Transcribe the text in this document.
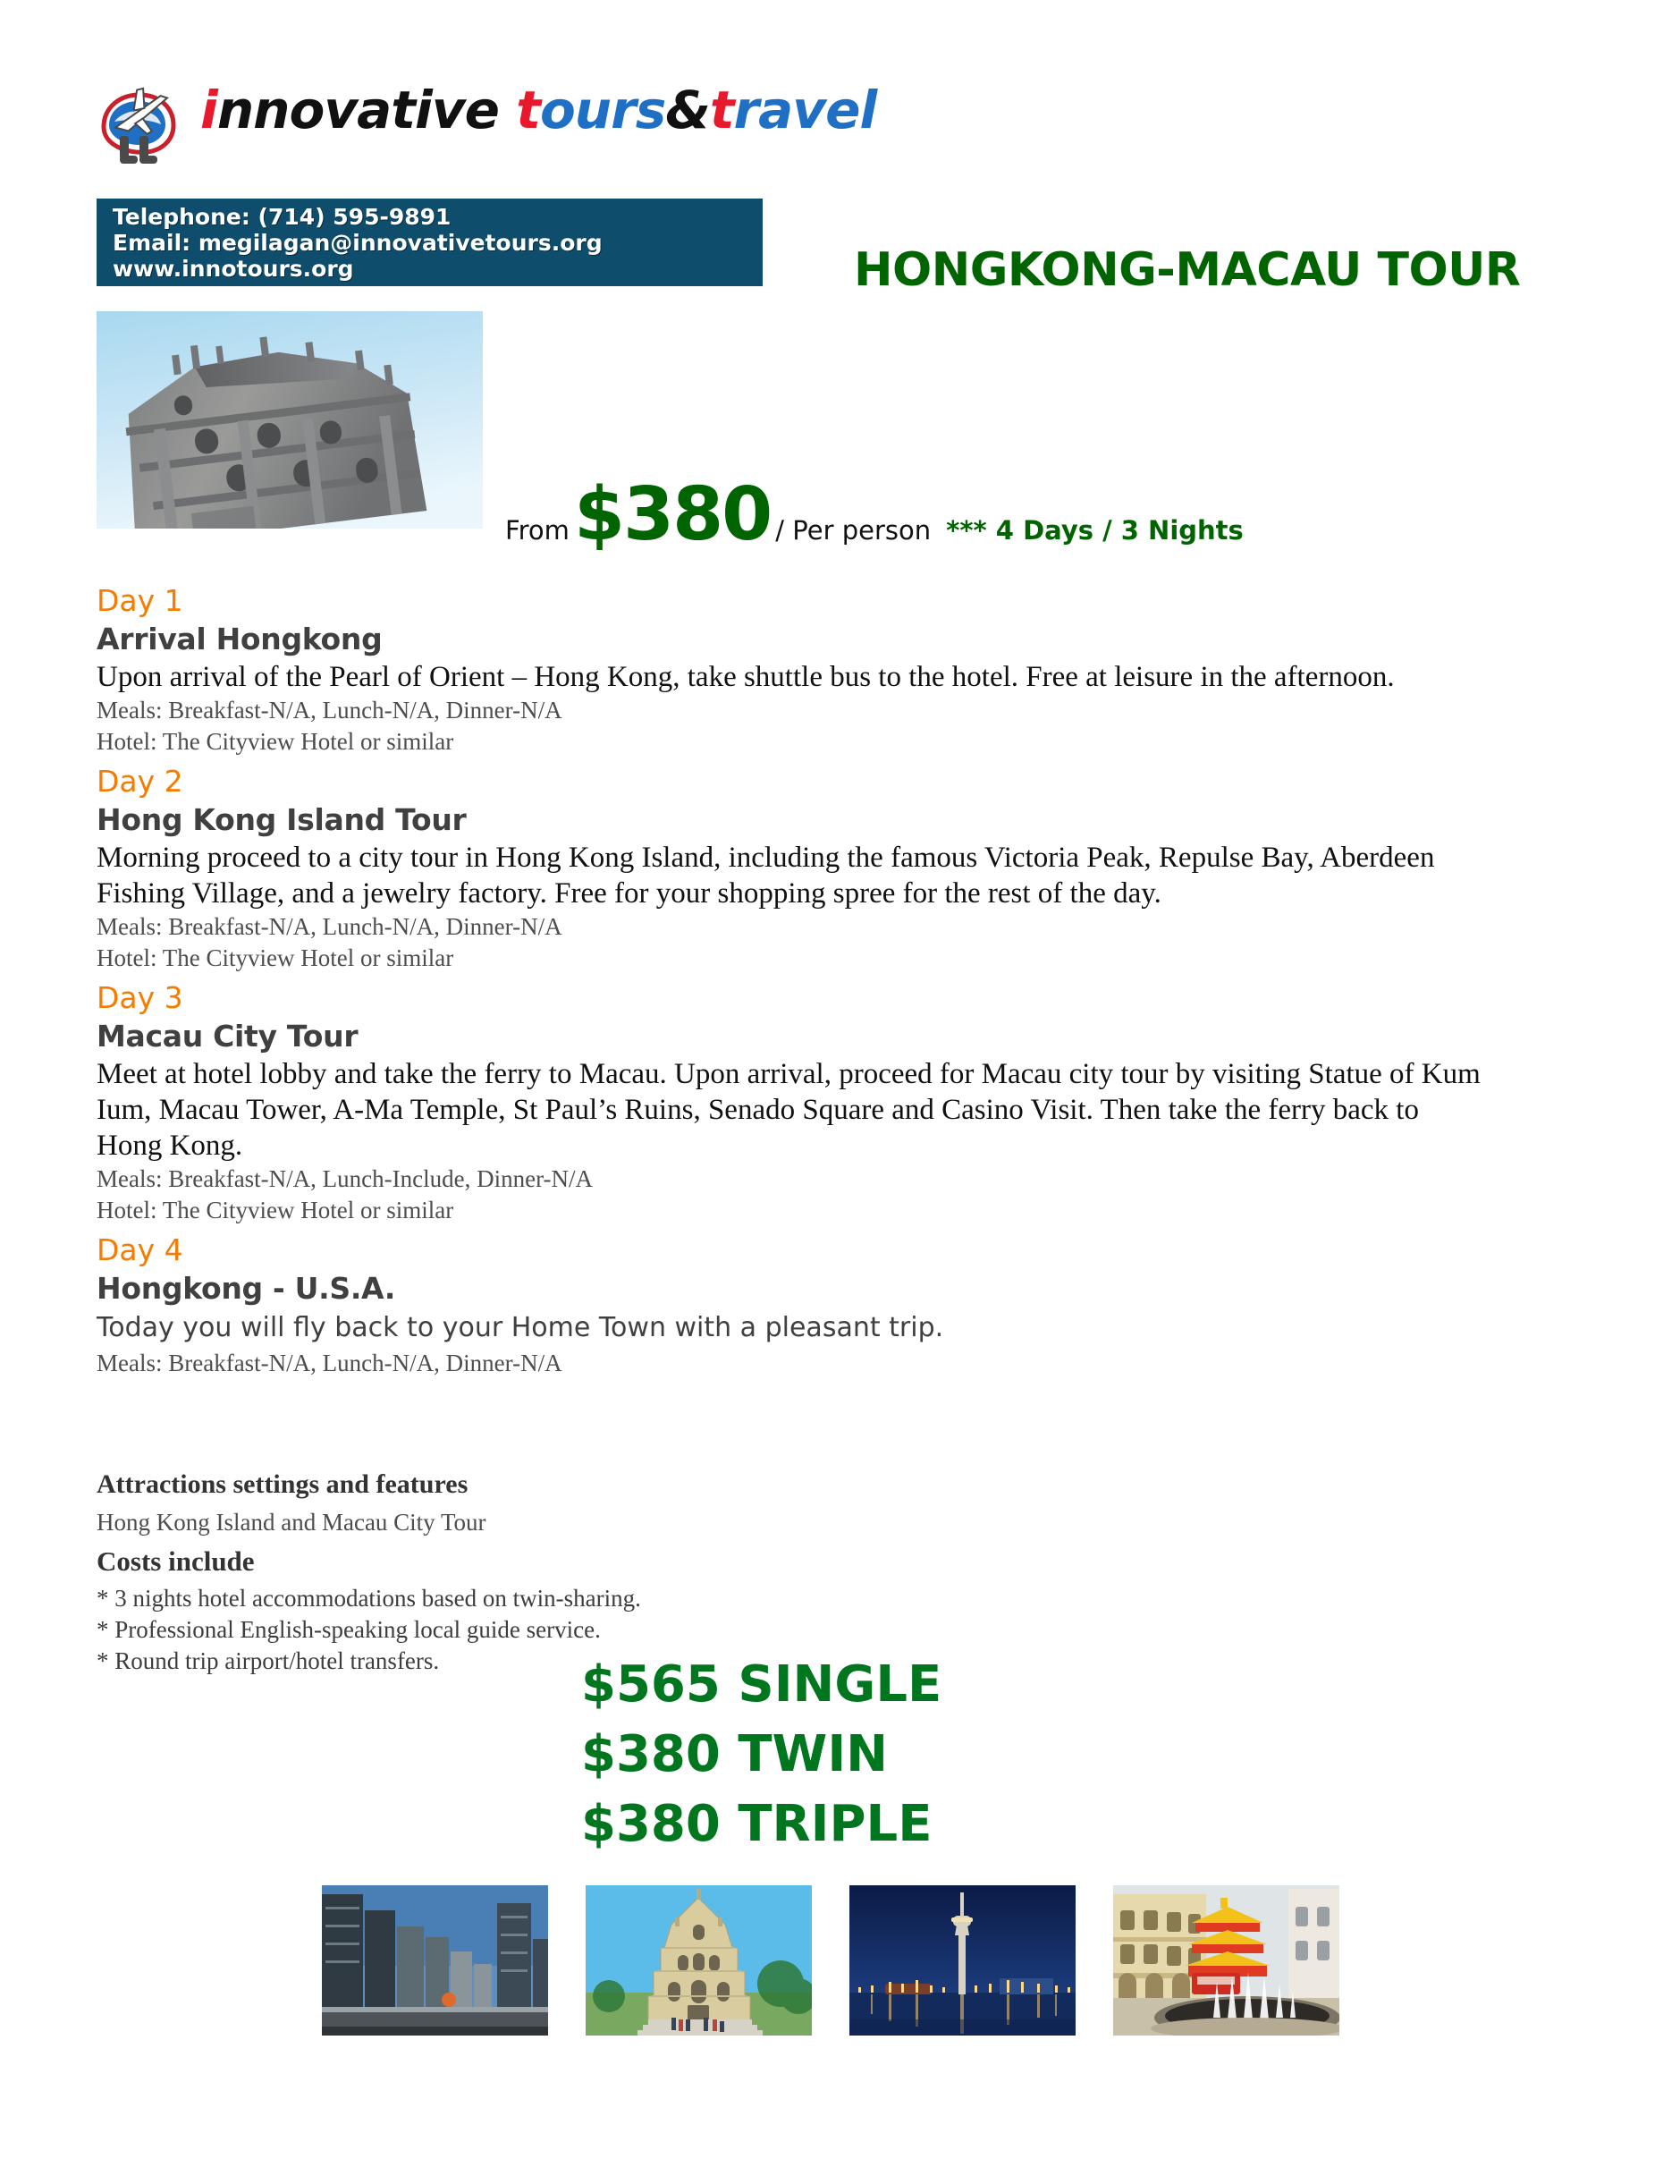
innovative tours&travel
Telephone: (714) 595-9891
Email: megilagan@innovativetours.org
www.innotours.org	HONGKONG-MACAU TOUR
From $380 / Per person *** 4 Days / 3 Nights
Day 1
Arrival Hongkong
Upon arrival of the Pearl of Orient – Hong Kong, take shuttle bus to the hotel. Free at leisure in the afternoon.
Meals: Breakfast-N/A, Lunch-N/A, Dinner-N/A
Hotel: The Cityview Hotel or similar
Day 2
Hong Kong Island Tour
Morning proceed to a city tour in Hong Kong Island, including the famous Victoria Peak, Repulse Bay, Aberdeen Fishing Village, and a jewelry factory. Free for your shopping spree for the rest of the day.
Meals: Breakfast-N/A, Lunch-N/A, Dinner-N/A
Hotel: The Cityview Hotel or similar
Day 3
Macau City Tour
Meet at hotel lobby and take the ferry to Macau. Upon arrival, proceed for Macau city tour by visiting Statue of Kum Ium, Macau Tower, A-Ma Temple, St Paul’s Ruins, Senado Square and Casino Visit. Then take the ferry back to Hong Kong.
Meals: Breakfast-N/A, Lunch-Include, Dinner-N/A
Hotel: The Cityview Hotel or similar
Day 4
Hongkong - U.S.A.
Today you will fly back to your Home Town with a pleasant trip.
Meals: Breakfast-N/A, Lunch-N/A, Dinner-N/A
Attractions settings and features
Hong Kong Island and Macau City Tour
Costs include
* 3 nights hotel accommodations based on twin-sharing.
* Professional English-speaking local guide service.
* Round trip airport/hotel transfers.	$565 SINGLE
$380 TWIN
$380 TRIPLE
